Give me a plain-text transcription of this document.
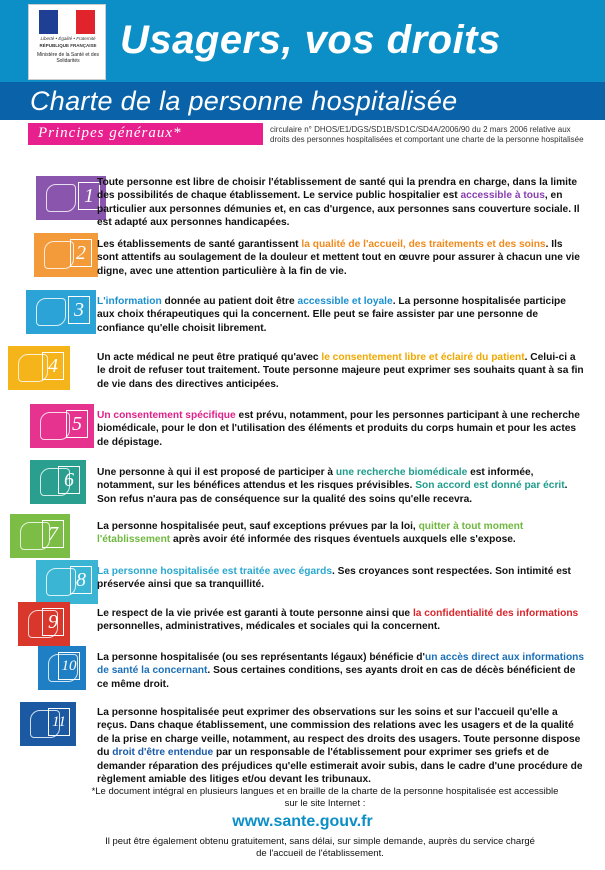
Liberté • Égalité • Fraternité
RÉPUBLIQUE FRANÇAISE
Ministère de la Santé et des Solidarités	Usagers, vos droits
Charte de la personne hospitalisée
Principes généraux*	circulaire n° DHOS/E1/DGS/SD1B/SD1C/SD4A/2006/90 du 2 mars 2006 relative aux droits des personnes hospitalisées et comportant une charte de la personne hospitalisée
1
Toute personne est libre de choisir l'établissement de santé qui la prendra en charge, dans la limite des possibilités de chaque établissement. Le service public hospitalier est accessible à tous, en particulier aux personnes démunies et, en cas d'urgence, aux personnes sans couverture sociale. Il est adapté aux personnes handicapées.
2	Les établissements de santé garantissent la qualité de l'accueil, des traitements et des soins. Ils sont attentifs au soulagement de la douleur et mettent tout en œuvre pour assurer à chacun une vie digne, avec une attention particulière à la fin de vie.
3	L'information donnée au patient doit être accessible et loyale. La personne hospitalisée participe aux choix thérapeutiques qui la concernent. Elle peut se faire assister par une personne de confiance qu'elle choisit librement.
4	Un acte médical ne peut être pratiqué qu'avec le consentement libre et éclairé du patient. Celui-ci a le droit de refuser tout traitement. Toute personne majeure peut exprimer ses souhaits quant à sa fin de vie dans des directives anticipées.
5	Un consentement spécifique est prévu, notamment, pour les personnes participant à une recherche biomédicale, pour le don et l'utilisation des éléments et produits du corps humain et pour les actes de dépistage.
6	Une personne à qui il est proposé de participer à une recherche biomédicale est informée, notamment, sur les bénéfices attendus et les risques prévisibles. Son accord est donné par écrit. Son refus n'aura pas de conséquence sur la qualité des soins qu'elle recevra.
7	La personne hospitalisée peut, sauf exceptions prévues par la loi, quitter à tout moment l'établissement après avoir été informée des risques éventuels auxquels elle s'expose.
8	La personne hospitalisée est traitée avec égards. Ses croyances sont respectées. Son intimité est préservée ainsi que sa tranquillité.
9	Le respect de la vie privée est garanti à toute personne ainsi que la confidentialité des informations personnelles, administratives, médicales et sociales qui la concernent.
10
La personne hospitalisée (ou ses représentants légaux) bénéficie d'un accès direct aux informations de santé la concernant. Sous certaines conditions, ses ayants droit en cas de décès bénéficient de ce même droit.
11
La personne hospitalisée peut exprimer des observations sur les soins et sur l'accueil qu'elle a reçus. Dans chaque établissement, une commission des relations avec les usagers et de la qualité de la prise en charge veille, notamment, au respect des droits des usagers. Toute personne dispose du droit d'être entendue par un responsable de l'établissement pour exprimer ses griefs et de demander réparation des préjudices qu'elle estimerait avoir subis, dans le cadre d'une procédure de règlement amiable des litiges et/ou devant les tribunaux.
*Le document intégral en plusieurs langues et en braille de la charte de la personne hospitalisée est accessible sur le site Internet :
www.sante.gouv.fr
Il peut être également obtenu gratuitement, sans délai, sur simple demande, auprès du service chargé de l'accueil de l'établissement.
